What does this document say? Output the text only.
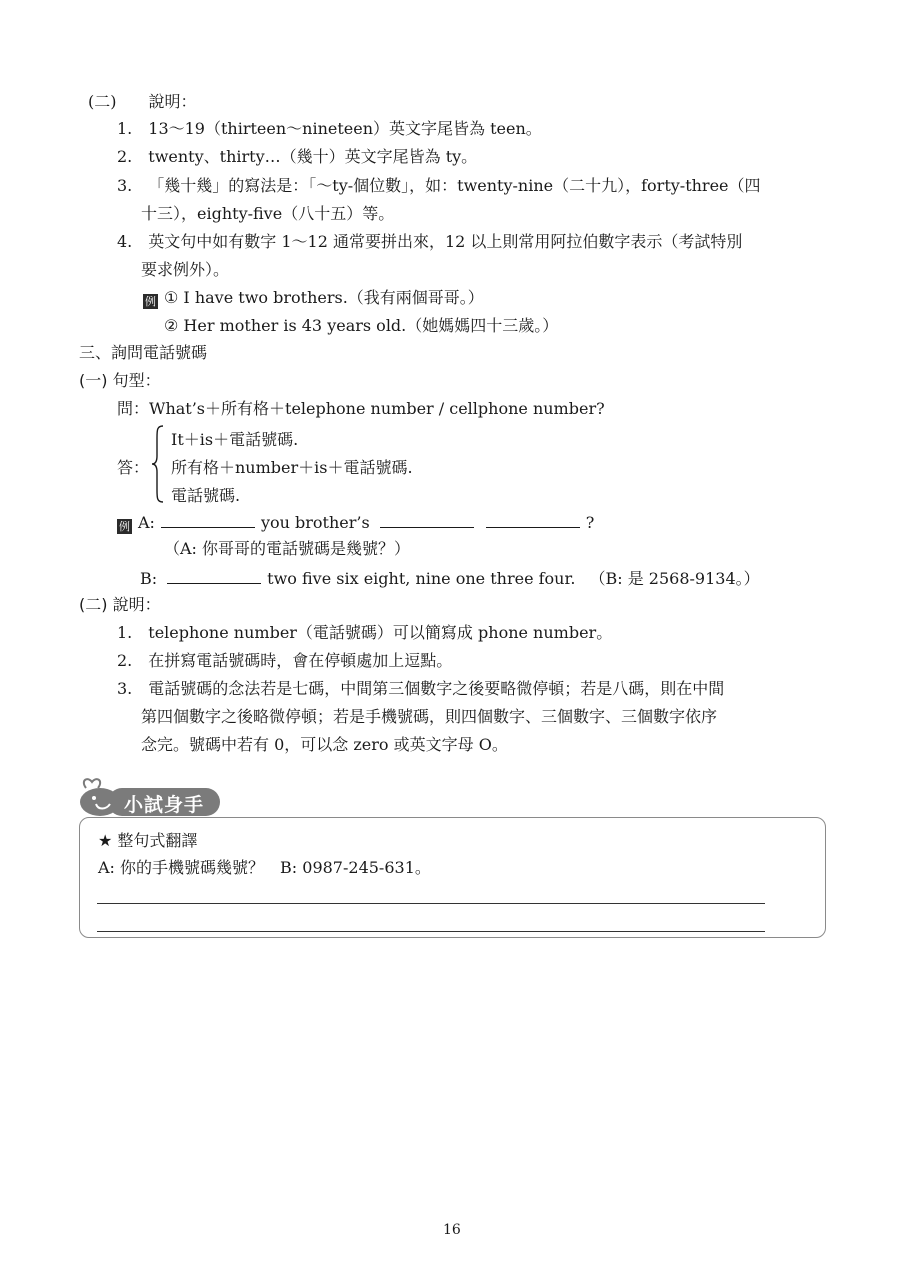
(二)　　說明：
1. 13～19（thirteen～nineteen）英文字尾皆為 teen。
2. twenty、thirty…（幾十）英文字尾皆為 ty。
3. 「幾十幾」的寫法是：「～ty-個位數」，如：twenty-nine（二十九），forty-three（四
十三），eighty-five（八十五）等。
4. 英文句中如有數字 1～12 通常要拼出來，12 以上則常用阿拉伯數字表示（考試特別
要求例外）。
例 ① I have two brothers.（我有兩個哥哥。）
② Her mother is 43 years old.（她媽媽四十三歲。）
三、詢問電話號碼
(一) 句型：
問：What’s＋所有格＋telephone number / cellphone number?
答：
It＋is＋電話號碼.
所有格＋number＋is＋電話號碼.
電話號碼.
例 A:	you brother’s	?
（A: 你哥哥的電話號碼是幾號？）
B:	two five six eight, nine one three four. （B: 是 2568-9134。）
(二) 說明：
1. telephone number（電話號碼）可以簡寫成 phone number。
2. 在拼寫電話號碼時，會在停頓處加上逗點。
3. 電話號碼的念法若是七碼，中間第三個數字之後要略微停頓；若是八碼，則在中間
第四個數字之後略微停頓；若是手機號碼，則四個數字、三個數字、三個數字依序
念完。號碼中若有 0，可以念 zero 或英文字母 O。
小試身手
★ 整句式翻譯
A: 你的手機號碼幾號？ B: 0987-245-631。
16
